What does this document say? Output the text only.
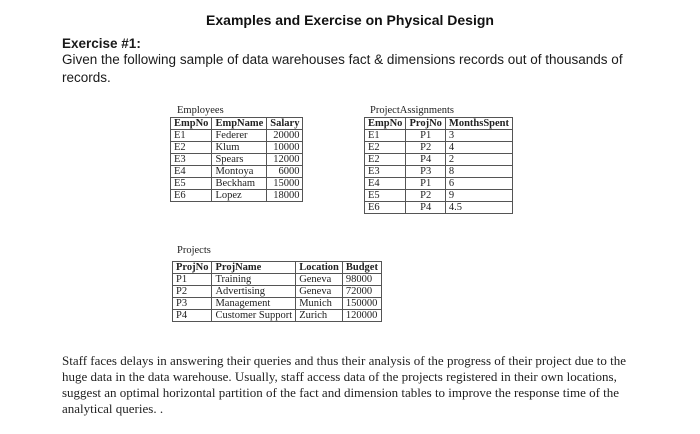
Examples and Exercise on Physical Design
Exercise #1:
Given the following sample of data warehouses fact & dimensions records out of thousands of records.
Employees
EmpNo	EmpName	Salary
E1	Federer	20000
E2	Klum	10000
E3	Spears	12000
E4	Montoya	6000
E5	Beckham	15000
E6	Lopez	18000
ProjectAssignments
EmpNo	ProjNo	MonthsSpent
E1	P1	3
E2	P2	4
E2	P4	2
E3	P3	8
E4	P1	6
E5	P2	9
E6	P4	4.5
Projects
ProjNo	ProjName	Location	Budget
P1	Training	Geneva	98000
P2	Advertising	Geneva	72000
P3	Management	Munich	150000
P4	Customer Support	Zurich	120000
Staff faces delays in answering their queries and thus their analysis of the progress of their project due to the huge data in the data warehouse. Usually, staff access data of the projects registered in their own locations, suggest an optimal horizontal partition of the fact and dimension tables to improve the response time of the analytical queries. .
